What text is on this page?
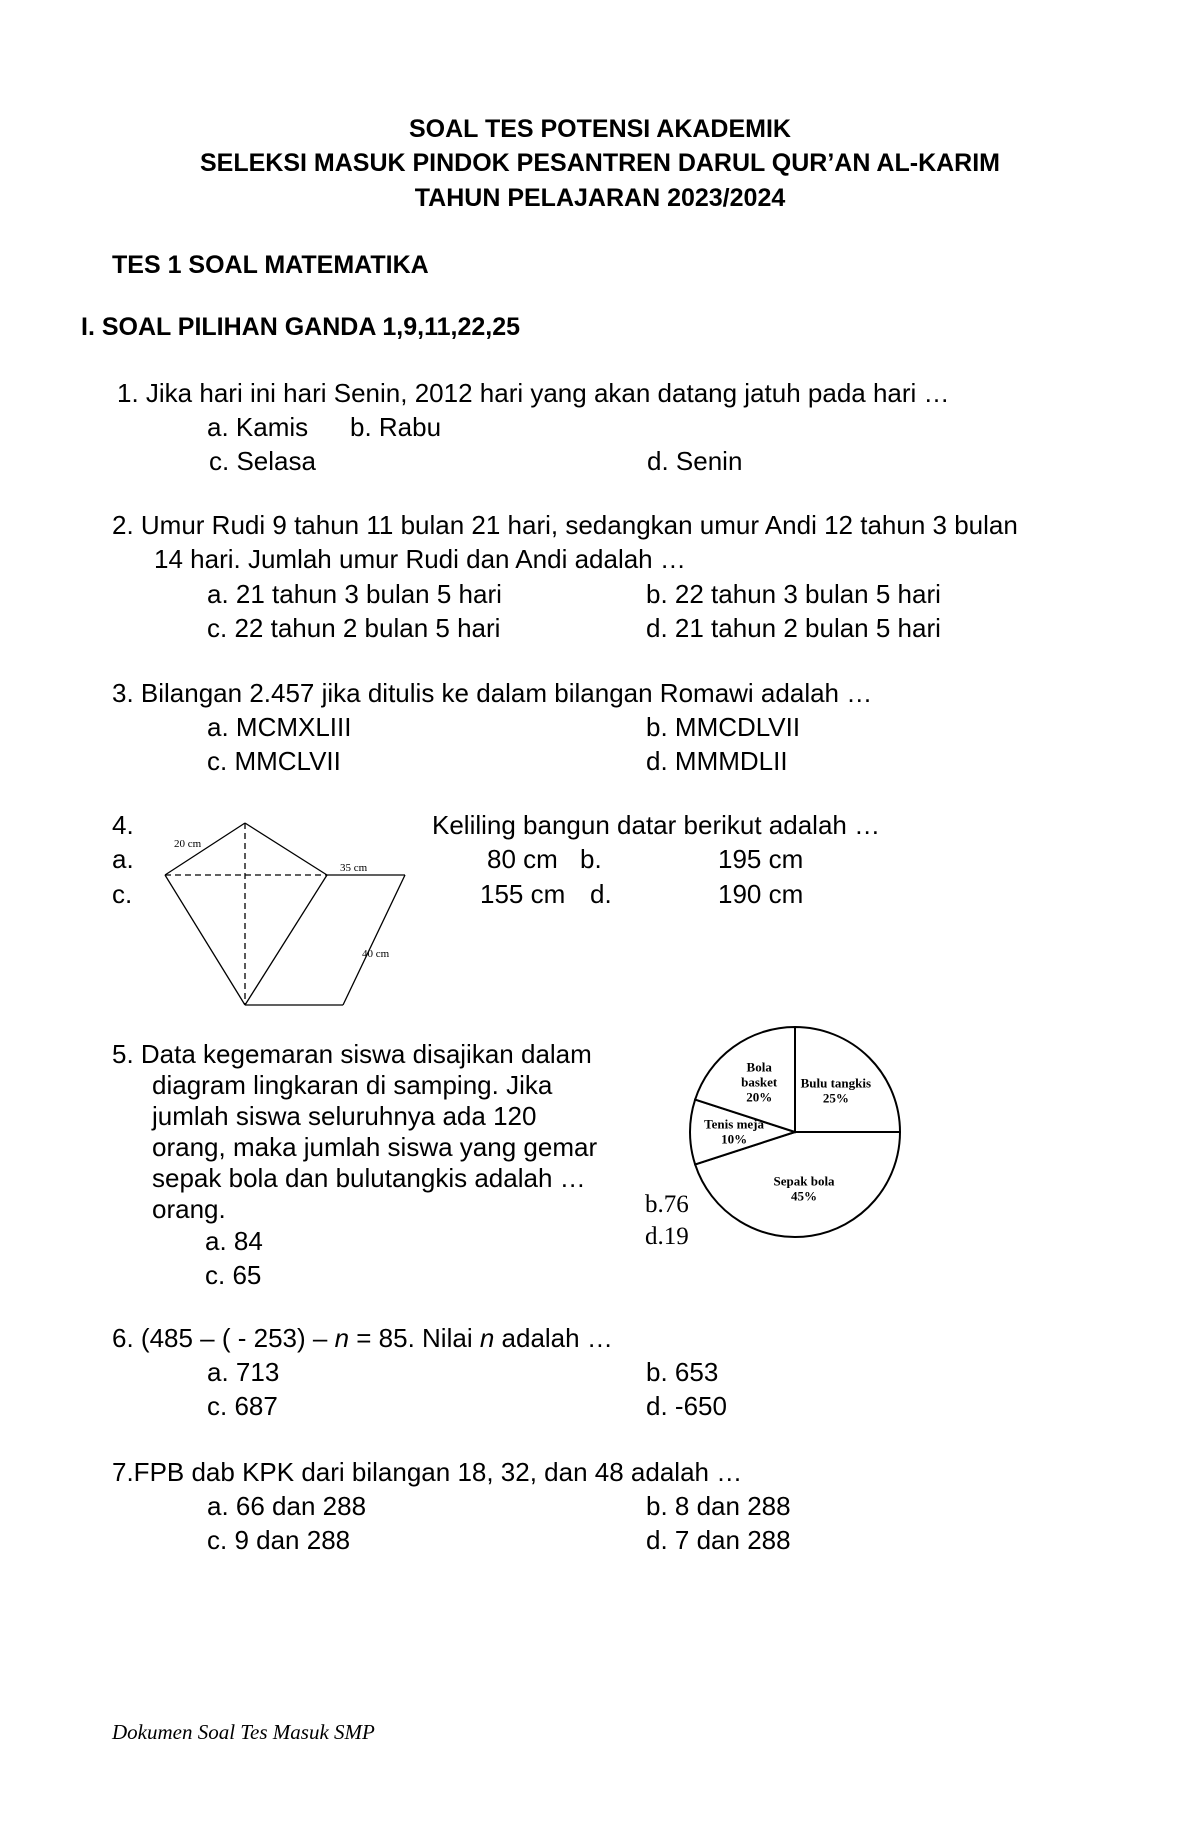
SOAL TES POTENSI AKADEMIK
SELEKSI MASUK PINDOK PESANTREN DARUL QUR’AN AL-KARIM
TAHUN PELAJARAN 2023/2024
TES 1 SOAL MATEMATIKA
I. SOAL PILIHAN GANDA 1,9,11,22,25
1. Jika hari ini hari Senin, 2012 hari yang akan datang jatuh pada hari …
a. Kamis b. Rabu
c. Selasa	d. Senin
2. Umur Rudi 9 tahun 11 bulan 21 hari, sedangkan umur Andi 12 tahun 3 bulan
14 hari. Jumlah umur Rudi dan Andi adalah …
a. 21 tahun 3 bulan 5 hari	b. 22 tahun 3 bulan 5 hari
c. 22 tahun 2 bulan 5 hari	d. 21 tahun 2 bulan 5 hari
3. Bilangan 2.457 jika ditulis ke dalam bilangan Romawi adalah …
a. MCMXLIII	b. MMCDLVII
c. MMCLVII	d. MMMDLII
4.	Keliling bangun datar berikut adalah …
a.	80 cm b.	195 cm
c.	155 cm d.	190 cm
20 cm
35 cm
40 cm
5. Data kegemaran siswa disajikan dalam
diagram lingkaran di samping. Jika
jumlah siswa seluruhnya ada 120
orang, maka jumlah siswa yang gemar
sepak bola dan bulutangkis adalah …
orang.
a. 84
b.76
c. 65
d.19
Bulu tangkis
25%
Sepak bola
45%
Tenis meja
10%
Bola
basket
20%
6. (485 – ( - 253) – n = 85. Nilai n adalah …
a. 713	b. 653
c. 687	d. -650
7.FPB dab KPK dari bilangan 18, 32, dan 48 adalah …
a. 66 dan 288	b. 8 dan 288
c. 9 dan 288	d. 7 dan 288
Dokumen Soal Tes Masuk SMP
